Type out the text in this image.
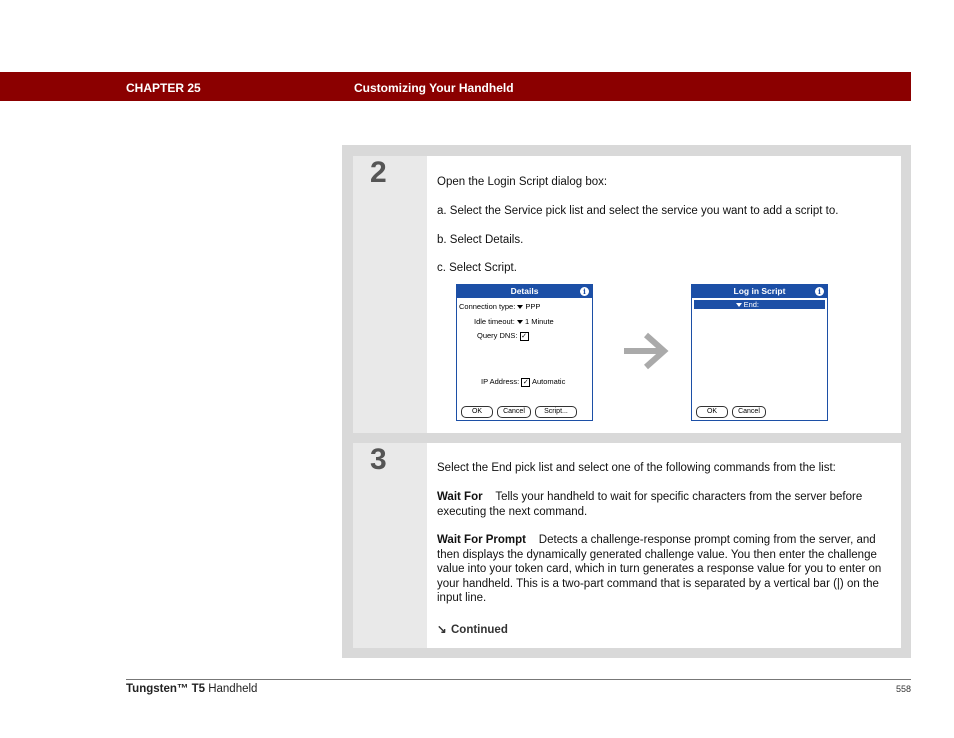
CHAPTER 25	Customizing Your Handheld
2	Open the Login Script dialog box:
a. Select the Service pick list and select the service you want to add a script to.
b. Select Details.
c. Select Script.
Details	i
Connection type: PPP
Idle timeout: 1 Minute
Query DNS: ✓
IP Address: ✓ Automatic
OK	Cancel	Script...
Log in Script	i
End:
OK	Cancel
3	Select the End pick list and select one of the following commands from the list:
Wait For Tells your handheld to wait for specific characters from the server before executing the next command.
Wait For Prompt Detects a challenge-response prompt coming from the server, and then displays the dynamically generated challenge value. You then enter the challenge value into your token card, which in turn generates a response value for you to enter on your handheld. This is a two-part command that is separated by a vertical bar (|) on the input line.
↘ Continued
Tungsten™ T5 Handheld	558
